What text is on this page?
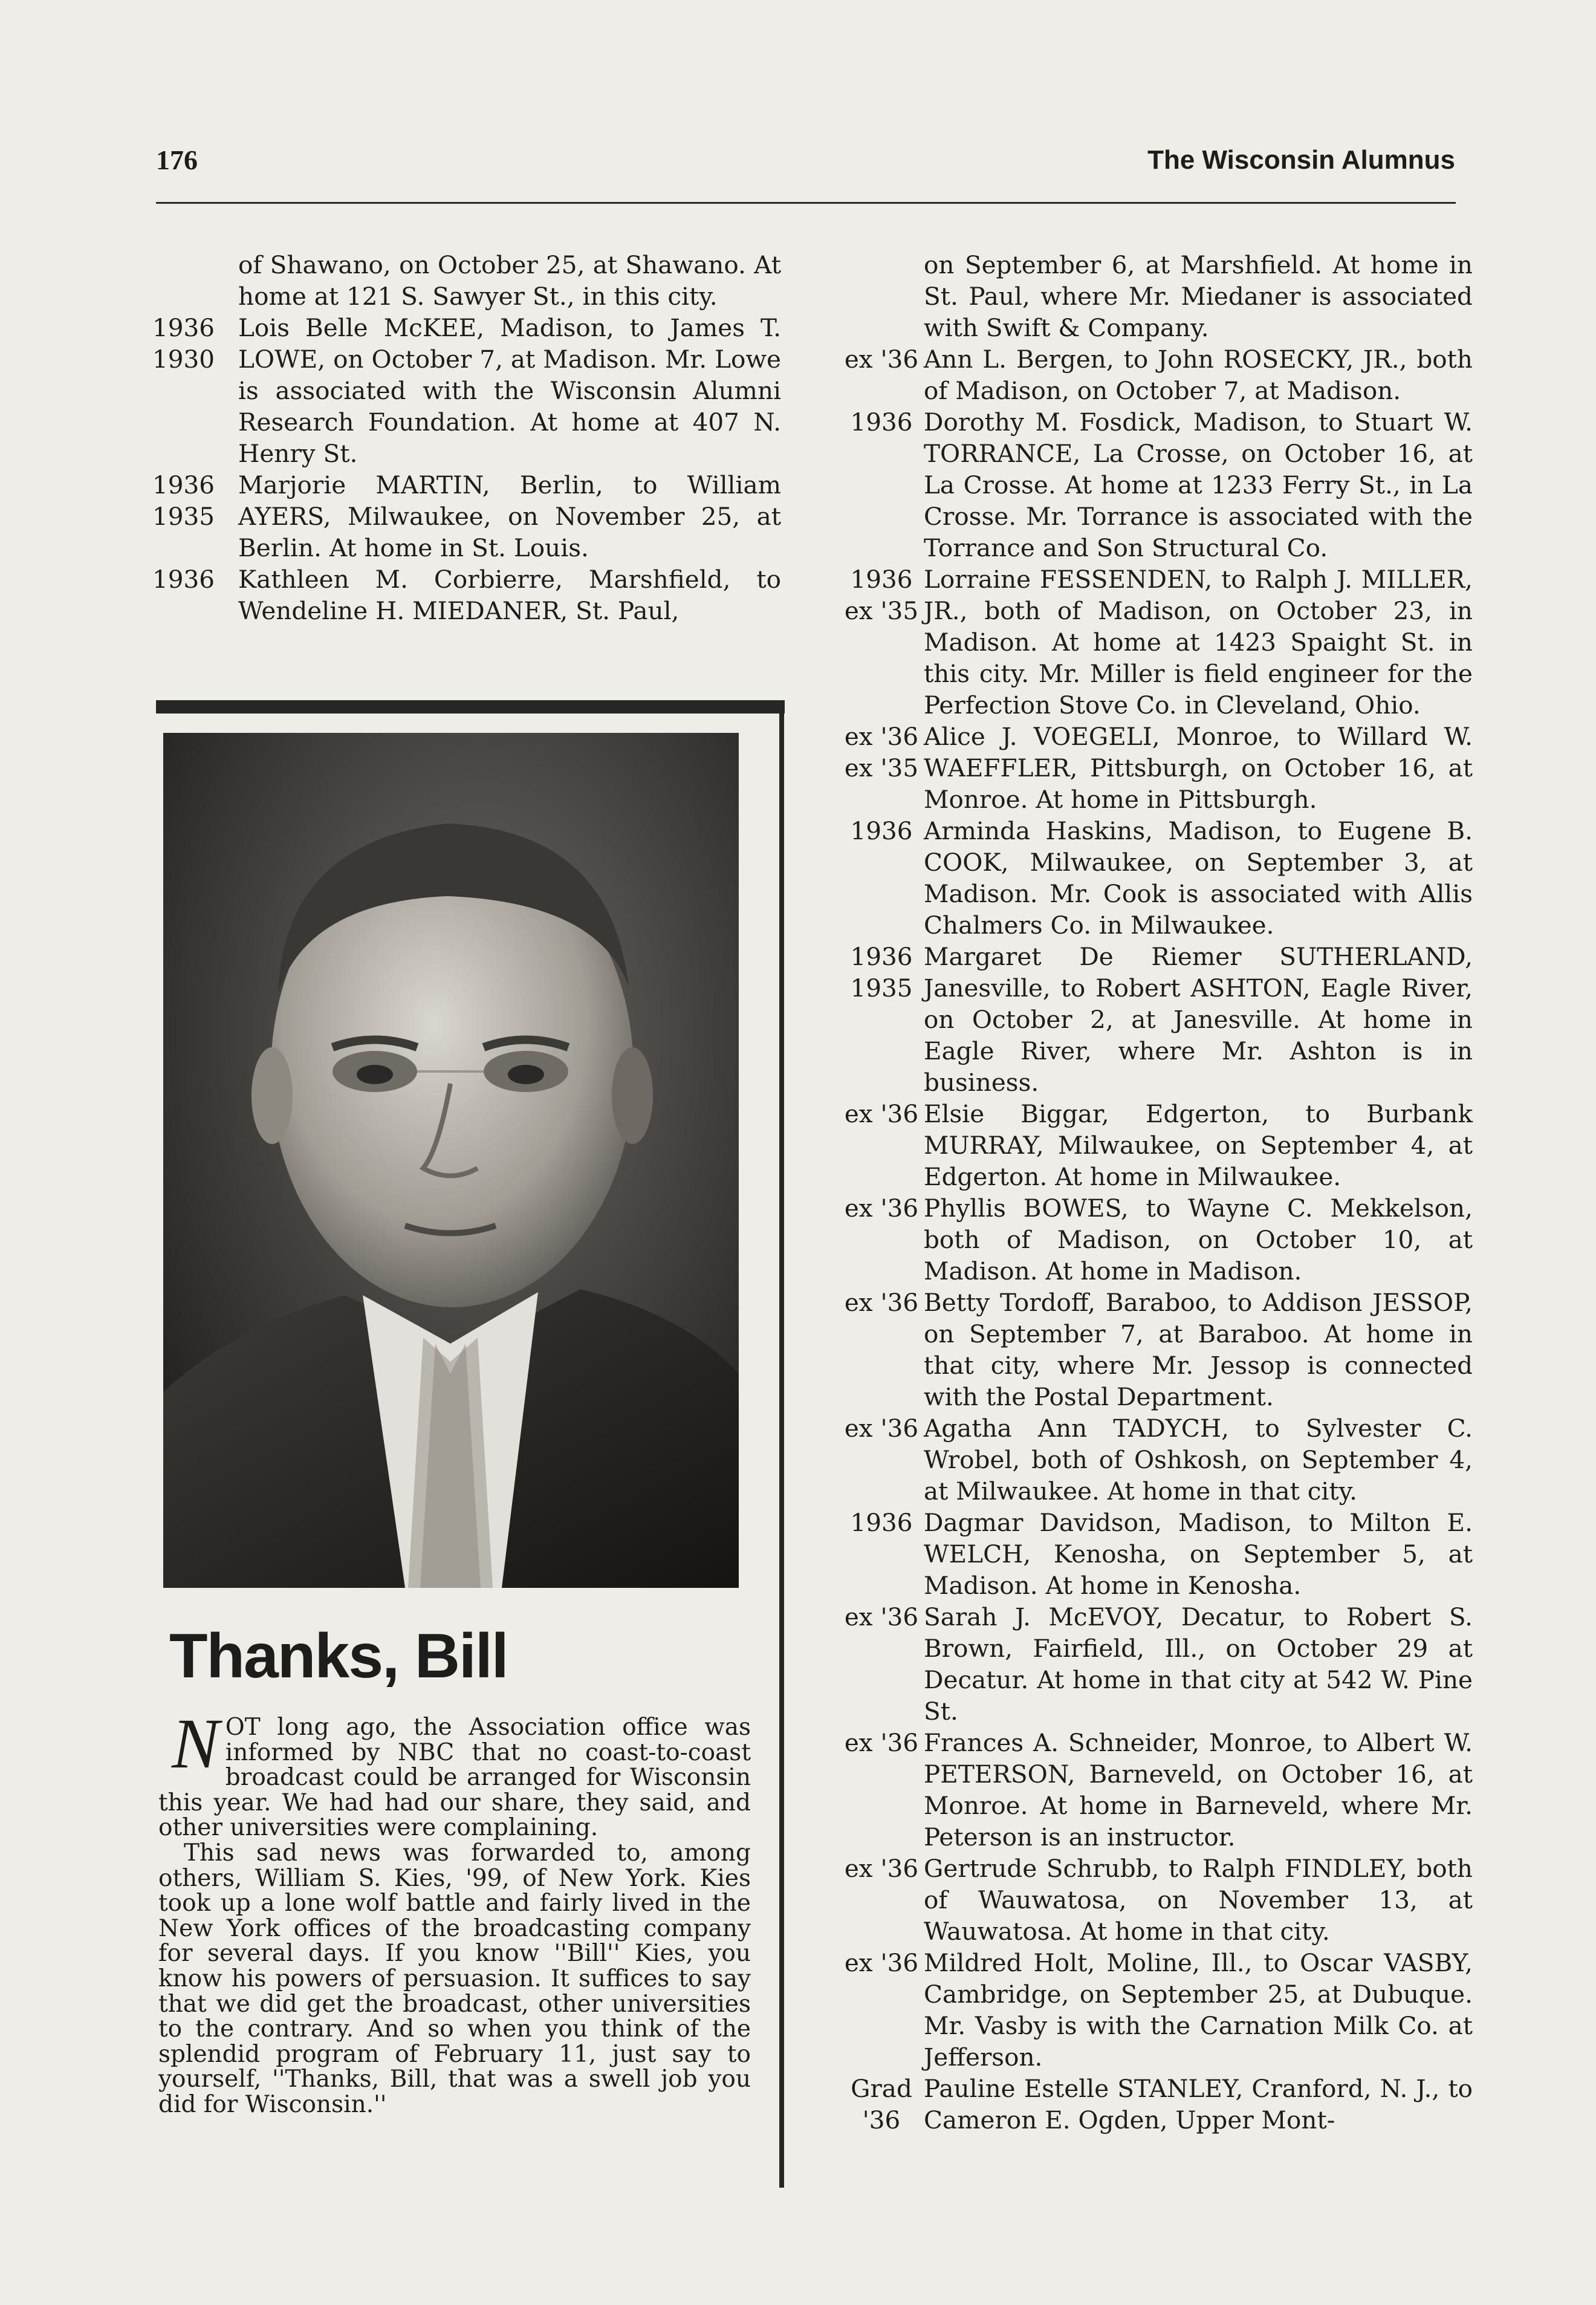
176	The Wisconsin Alumnus
of Shawano, on October 25, at Shawano. At home at 121 S. Sawyer St., in this city.
1936
1930
Lois Belle McKEE, Madison, to James T. LOWE, on October 7, at Madison. Mr. Lowe is associated with the Wisconsin Alumni Research Foundation. At home at 407 N. Henry St.
1936
1935
Marjorie MARTIN, Berlin, to William AYERS, Milwaukee, on November 25, at Berlin. At home in St. Louis.
1936 Kathleen M. Corbierre, Marshfield, to Wendeline H. MIEDANER, St. Paul,
Thanks, Bill

NOT long ago, the Association office was informed by NBC that no coast-to-coast broadcast could be arranged for Wisconsin this year. We had had our share, they said, and other universities were complaining.

This sad news was forwarded to, among others, William S. Kies, '99, of New York. Kies took up a lone wolf battle and fairly lived in the New York offices of the broadcasting company for several days. If you know ''Bill'' Kies, you know his powers of persuasion. It suffices to say that we did get the broadcast, other universities to the contrary. And so when you think of the splendid program of February 11, just say to yourself, ''Thanks, Bill, that was a swell job you did for Wisconsin.''

on September 6, at Marshfield. At home in St. Paul, where Mr. Miedaner is associated with Swift & Company.
ex '36 Ann L. Bergen, to John ROSECKY, JR., both of Madison, on October 7, at Madison.
1936 Dorothy M. Fosdick, Madison, to Stuart W. TORRANCE, La Crosse, on October 16, at La Crosse. At home at 1233 Ferry St., in La Crosse. Mr. Torrance is associated with the Torrance and Son Structural Co.
1936
ex '35
Lorraine FESSENDEN, to Ralph J. MILLER, JR., both of Madison, on October 23, in Madison. At home at 1423 Spaight St. in this city. Mr. Miller is field engineer for the Perfection Stove Co. in Cleveland, Ohio.
ex '36
ex '35
Alice J. VOEGELI, Monroe, to Willard W. WAEFFLER, Pittsburgh, on October 16, at Monroe. At home in Pittsburgh.
1936 Arminda Haskins, Madison, to Eugene B. COOK, Milwaukee, on September 3, at Madison. Mr. Cook is associated with Allis Chalmers Co. in Milwaukee.
1936
1935
Margaret De Riemer SUTHERLAND, Janesville, to Robert ASHTON, Eagle River, on October 2, at Janesville. At home in Eagle River, where Mr. Ashton is in business.
ex '36 Elsie Biggar, Edgerton, to Burbank MURRAY, Milwaukee, on September 4, at Edgerton. At home in Milwaukee.
ex '36 Phyllis BOWES, to Wayne C. Mekkelson, both of Madison, on October 10, at Madison. At home in Madison.
ex '36 Betty Tordoff, Baraboo, to Addison JESSOP, on September 7, at Baraboo. At home in that city, where Mr. Jessop is connected with the Postal Department.
ex '36 Agatha Ann TADYCH, to Sylvester C. Wrobel, both of Oshkosh, on September 4, at Milwaukee. At home in that city.
1936 Dagmar Davidson, Madison, to Milton E. WELCH, Kenosha, on September 5, at Madison. At home in Kenosha.
ex '36 Sarah J. McEVOY, Decatur, to Robert S. Brown, Fairfield, Ill., on October 29 at Decatur. At home in that city at 542 W. Pine St.
ex '36 Frances A. Schneider, Monroe, to Albert W. PETERSON, Barneveld, on October 16, at Monroe. At home in Barneveld, where Mr. Peterson is an instructor.
ex '36 Gertrude Schrubb, to Ralph FINDLEY, both of Wauwatosa, on November 13, at Wauwatosa. At home in that city.
ex '36 Mildred Holt, Moline, Ill., to Oscar VASBY, Cambridge, on September 25, at Dubuque. Mr. Vasby is with the Carnation Milk Co. at Jefferson.
Grad
'36
Pauline Estelle STANLEY, Cranford, N. J., to Cameron E. Ogden, Upper Mont-
